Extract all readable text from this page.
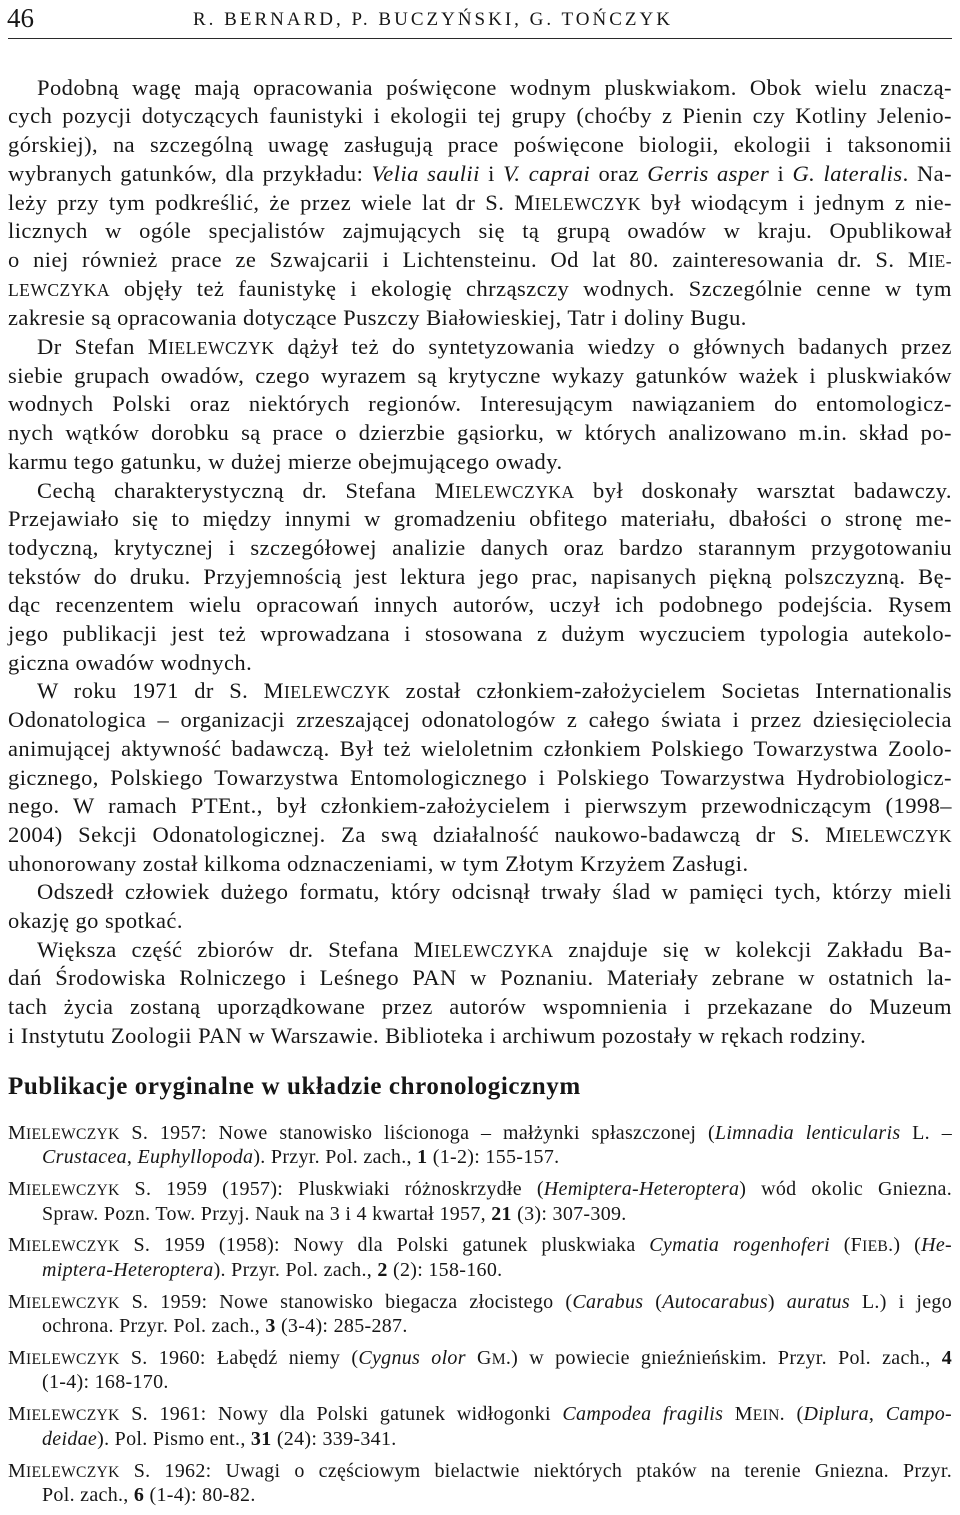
46	R. BERNARD, P. BUCZYŃSKI, G. TOŃCZYK
Podobną wagę mają opracowania poświęcone wodnym pluskwiakom. Obok wielu znaczą-
cych pozycji dotyczących faunistyki i ekologii tej grupy (choćby z Pienin czy Kotliny Jelenio-
górskiej), na szczególną uwagę zasługują prace poświęcone biologii, ekologii i taksonomii
wybranych gatunków, dla przykładu: Velia saulii i V. caprai oraz Gerris asper i G. lateralis. Na-
leży przy tym podkreślić, że przez wiele lat dr S. MIELEWCZYK był wiodącym i jednym z nie-
licznych w ogóle specjalistów zajmujących się tą grupą owadów w kraju. Opublikował
o niej również prace ze Szwajcarii i Lichtensteinu. Od lat 80. zainteresowania dr. S. MIE-
LEWCZYKA objęły też faunistykę i ekologię chrząszczy wodnych. Szczególnie cenne w tym
zakresie są opracowania dotyczące Puszczy Białowieskiej, Tatr i doliny Bugu.
Dr Stefan MIELEWCZYK dążył też do syntetyzowania wiedzy o głównych badanych przez
siebie grupach owadów, czego wyrazem są krytyczne wykazy gatunków ważek i pluskwiaków
wodnych Polski oraz niektórych regionów. Interesującym nawiązaniem do entomologicz-
nych wątków dorobku są prace o dzierzbie gąsiorku, w których analizowano m.in. skład po-
karmu tego gatunku, w dużej mierze obejmującego owady.
Cechą charakterystyczną dr. Stefana MIELEWCZYKA był doskonały warsztat badawczy.
Przejawiało się to między innymi w gromadzeniu obfitego materiału, dbałości o stronę me-
todyczną, krytycznej i szczegółowej analizie danych oraz bardzo starannym przygotowaniu
tekstów do druku. Przyjemnością jest lektura jego prac, napisanych piękną polszczyzną. Bę-
dąc recenzentem wielu opracowań innych autorów, uczył ich podobnego podejścia. Rysem
jego publikacji jest też wprowadzana i stosowana z dużym wyczuciem typologia autekolo-
giczna owadów wodnych.
W roku 1971 dr S. MIELEWCZYK został członkiem-założycielem Societas Internationalis
Odonatologica – organizacji zrzeszającej odonatologów z całego świata i przez dziesięciolecia
animującej aktywność badawczą. Był też wieloletnim członkiem Polskiego Towarzystwa Zoolo-
gicznego, Polskiego Towarzystwa Entomologicznego i Polskiego Towarzystwa Hydrobiologicz-
nego. W ramach PTEnt., był członkiem-założycielem i pierwszym przewodniczącym (1998–
2004) Sekcji Odonatologicznej. Za swą działalność naukowo-badawczą dr S. MIELEWCZYK
uhonorowany został kilkoma odznaczeniami, w tym Złotym Krzyżem Zasługi.
Odszedł człowiek dużego formatu, który odcisnął trwały ślad w pamięci tych, którzy mieli
okazję go spotkać.
Większa część zbiorów dr. Stefana MIELEWCZYKA znajduje się w kolekcji Zakładu Ba-
dań Środowiska Rolniczego i Leśnego PAN w Poznaniu. Materiały zebrane w ostatnich la-
tach życia zostaną uporządkowane przez autorów wspomnienia i przekazane do Muzeum
i Instytutu Zoologii PAN w Warszawie. Biblioteka i archiwum pozostały w rękach rodziny.
Publikacje oryginalne w układzie chronologicznym
MIELEWCZYK S. 1957: Nowe stanowisko liścionoga – małżynki spłaszczonej (Limnadia lenticularis L. –
Crustacea, Euphyllopoda). Przyr. Pol. zach., 1 (1-2): 155-157.
MIELEWCZYK S. 1959 (1957): Pluskwiaki różnoskrzydłe (Hemiptera-Heteroptera) wód okolic Gniezna.
Spraw. Pozn. Tow. Przyj. Nauk na 3 i 4 kwartał 1957, 21 (3): 307-309.
MIELEWCZYK S. 1959 (1958): Nowy dla Polski gatunek pluskwiaka Cymatia rogenhoferi (FIEB.) (He-
miptera-Heteroptera). Przyr. Pol. zach., 2 (2): 158-160.
MIELEWCZYK S. 1959: Nowe stanowisko biegacza złocistego (Carabus (Autocarabus) auratus L.) i jego
ochrona. Przyr. Pol. zach., 3 (3-4): 285-287.
MIELEWCZYK S. 1960: Łabędź niemy (Cygnus olor GM.) w powiecie gnieźnieńskim. Przyr. Pol. zach., 4
(1-4): 168-170.
MIELEWCZYK S. 1961: Nowy dla Polski gatunek widłogonki Campodea fragilis MEIN. (Diplura, Campo-
deidae). Pol. Pismo ent., 31 (24): 339-341.
MIELEWCZYK S. 1962: Uwagi o częściowym bielactwie niektórych ptaków na terenie Gniezna. Przyr.
Pol. zach., 6 (1-4): 80-82.
